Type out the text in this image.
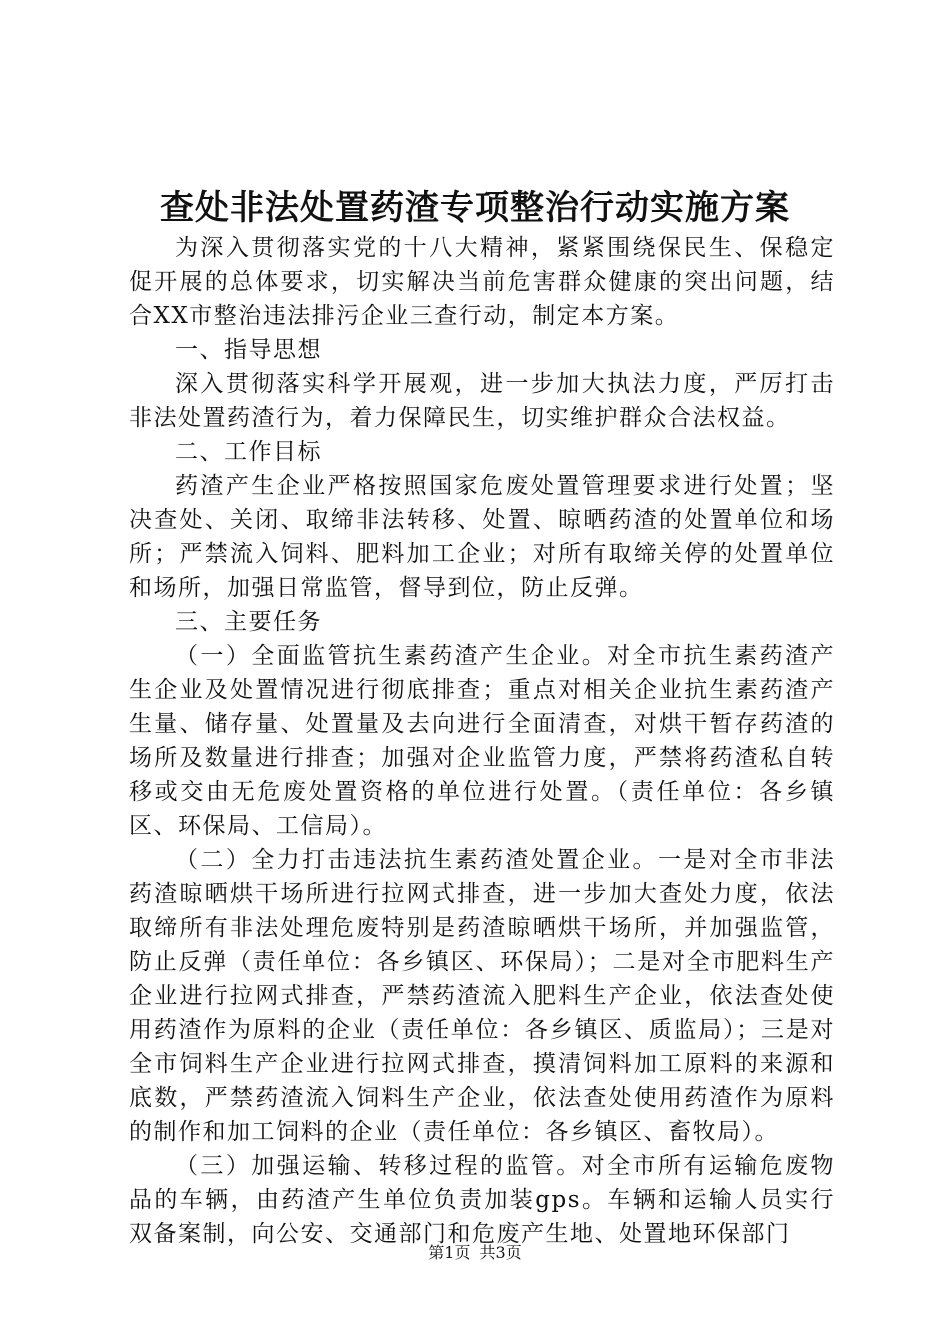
查处非法处置药渣专项整治行动实施方案

为深入贯彻落实党的十八大精神，紧紧围绕保民生、保稳定促开展的总体要求，切实解决当前危害群众健康的突出问题，结合XX市整治违法排污企业三查行动，制定本方案。

一、指导思想

深入贯彻落实科学开展观，进一步加大执法力度，严厉打击非法处置药渣行为，着力保障民生，切实维护群众合法权益。

二、工作目标

药渣产生企业严格按照国家危废处置管理要求进行处置；坚决查处、关闭、取缔非法转移、处置、晾晒药渣的处置单位和场所；严禁流入饲料、肥料加工企业；对所有取缔关停的处置单位和场所，加强日常监管，督导到位，防止反弹。

三、主要任务

（一）全面监管抗生素药渣产生企业。对全市抗生素药渣产生企业及处置情况进行彻底排查；重点对相关企业抗生素药渣产生量、储存量、处置量及去向进行全面清查，对烘干暂存药渣的场所及数量进行排查；加强对企业监管力度，严禁将药渣私自转移或交由无危废处置资格的单位进行处置。（责任单位：各乡镇区、环保局、工信局）。

（二）全力打击违法抗生素药渣处置企业。一是对全市非法药渣晾晒烘干场所进行拉网式排查，进一步加大查处力度，依法取缔所有非法处理危废特别是药渣晾晒烘干场所，并加强监管，防止反弹（责任单位：各乡镇区、环保局）；二是对全市肥料生产企业进行拉网式排查，严禁药渣流入肥料生产企业，依法查处使用药渣作为原料的企业（责任单位：各乡镇区、质监局）；三是对全市饲料生产企业进行拉网式排查，摸清饲料加工原料的来源和底数，严禁药渣流入饲料生产企业，依法查处使用药渣作为原料的制作和加工饲料的企业（责任单位：各乡镇区、畜牧局）。

（三）加强运输、转移过程的监管。对全市所有运输危废物品的车辆，由药渣产生单位负责加装gps。车辆和运输人员实行双备案制，向公安、交通部门和危废产生地、处置地环保部门

第1页 共3页
